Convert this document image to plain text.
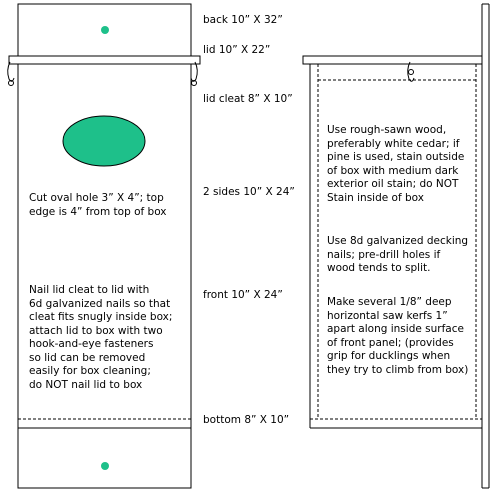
back 10” X 32”
lid 10” X 22”
lid cleat 8” X 10”
2 sides 10” X 24”
front 10” X 24”
bottom 8” X 10”
Cut oval hole 3” X 4”; top
edge is 4” from top of box
Nail lid cleat to lid with
6d galvanized nails so that
cleat fits snugly inside box;
attach lid to box with two
hook-and-eye fasteners
so lid can be removed
easily for box cleaning;
do NOT nail lid to box
Use rough-sawn wood,
preferably white cedar; if
pine is used, stain outside
of box with medium dark
exterior oil stain; do NOT
Stain inside of box
Use 8d galvanized decking
nails; pre-drill holes if
wood tends to split.
Make several 1/8” deep
horizontal saw kerfs 1”
apart along inside surface
of front panel; (provides
grip for ducklings when
they try to climb from box)
